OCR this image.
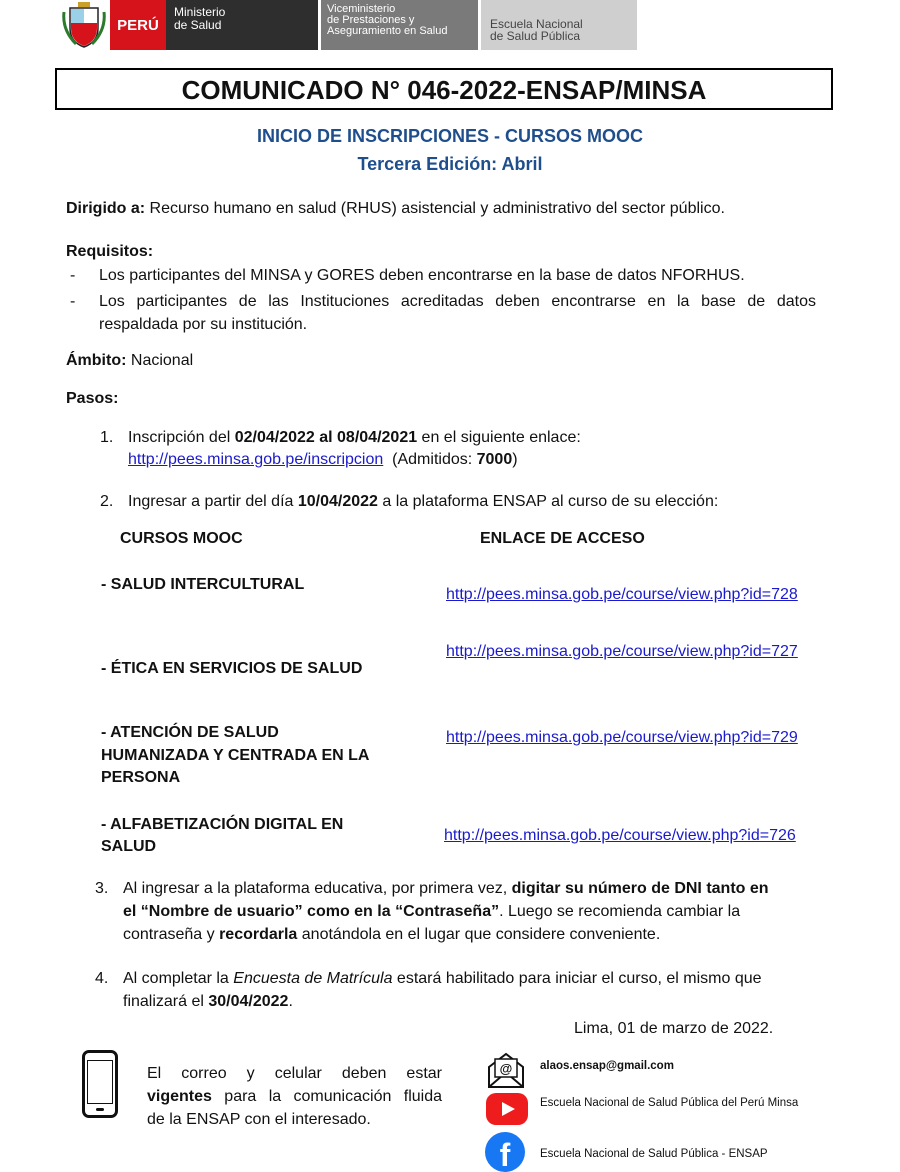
PERÚ
Ministerio
de Salud
Viceministerio
de Prestaciones y
Aseguramiento en Salud	Escuela Nacional
de Salud Pública
COMUNICADO N° 046-2022-ENSAP/MINSA
INICIO DE INSCRIPCIONES - CURSOS MOOC
Tercera Edición: Abril
Dirigido a: Recurso humano en salud (RHUS) asistencial y administrativo del sector público.
Requisitos:
- Los participantes del MINSA y GORES deben encontrarse en la base de datos NFORHUS.
- Los participantes de las Instituciones acreditadas deben encontrarse en la base de datos
respaldada por su institución.
Ámbito: Nacional
Pasos:
1. Inscripción del 02/04/2022 al 08/04/2021 en el siguiente enlace:
http://pees.minsa.gob.pe/inscripcion (Admitidos: 7000)
2. Ingresar a partir del día 10/04/2022 a la plataforma ENSAP al curso de su elección:
CURSOS MOOC	ENLACE DE ACCESO
- SALUD INTERCULTURAL
http://pees.minsa.gob.pe/course/view.php?id=728
- ÉTICA EN SERVICIOS DE SALUD
http://pees.minsa.gob.pe/course/view.php?id=727
- ATENCIÓN DE SALUD
HUMANIZADA Y CENTRADA EN LA
PERSONA
http://pees.minsa.gob.pe/course/view.php?id=729
- ALFABETIZACIÓN DIGITAL EN
SALUD
http://pees.minsa.gob.pe/course/view.php?id=726
3. Al ingresar a la plataforma educativa, por primera vez, digitar su número de DNI tanto en
el “Nombre de usuario” como en la “Contraseña”. Luego se recomienda cambiar la
contraseña y recordarla anotándola en el lugar que considere conveniente.
4. Al completar la Encuesta de Matrícula estará habilitado para iniciar el curso, el mismo que
finalizará el 30/04/2022.
Lima, 01 de marzo de 2022.
El correo y celular deben estar
vigentes para la comunicación fluida
de la ENSAP con el interesado.
@ alaos.ensap@gmail.com
Escuela Nacional de Salud Pública del Perú Minsa
f	Escuela Nacional de Salud Pública - ENSAP
